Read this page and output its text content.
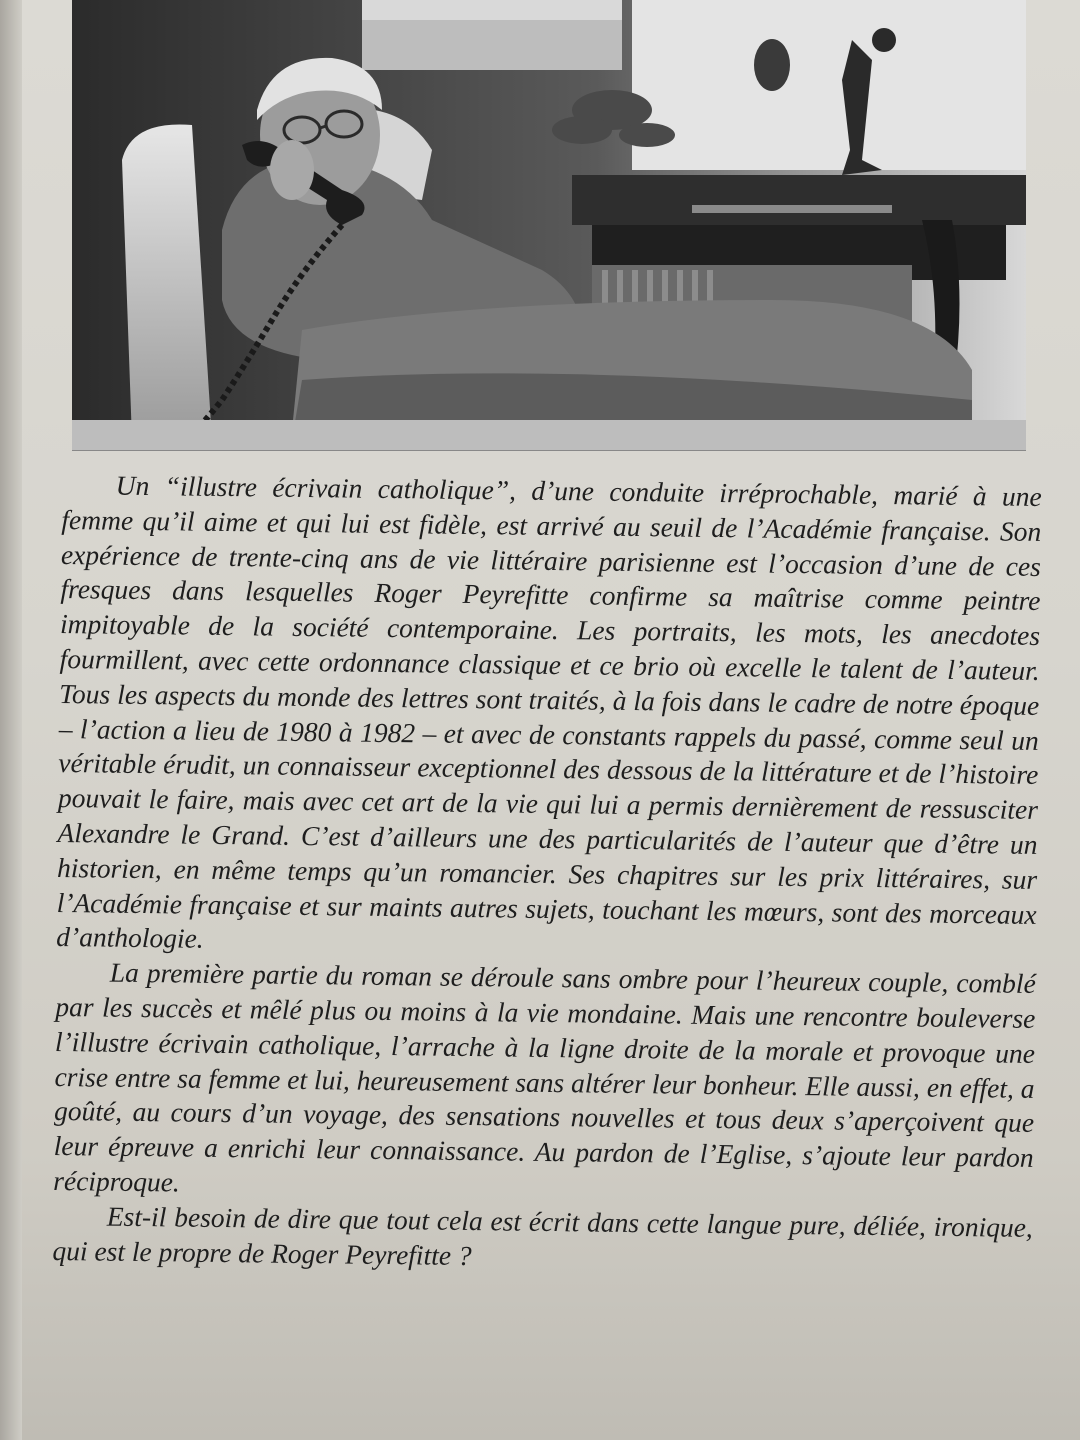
Un “illustre écrivain catholique”, d’une conduite irréprochable, marié à une femme qu’il aime et qui lui est fidèle, est arrivé au seuil de l’Académie française. Son expérience de trente-cinq ans de vie littéraire parisienne est l’occasion d’une de ces fresques dans lesquelles Roger Peyrefitte confirme sa maîtrise comme peintre impitoyable de la société contemporaine. Les portraits, les mots, les anecdotes fourmillent, avec cette ordonnance classique et ce brio où excelle le talent de l’auteur. Tous les aspects du monde des lettres sont traités, à la fois dans le cadre de notre époque – l’action a lieu de 1980 à 1982 – et avec de constants rappels du passé, comme seul un véritable érudit, un connaisseur exceptionnel des dessous de la littérature et de l’histoire pouvait le faire, mais avec cet art de la vie qui lui a permis dernièrement de ressusciter Alexandre le Grand. C’est d’ailleurs une des particularités de l’auteur que d’être un historien, en même temps qu’un romancier. Ses chapitres sur les prix littéraires, sur l’Académie française et sur maints autres sujets, touchant les mœurs, sont des morceaux d’anthologie.

La première partie du roman se déroule sans ombre pour l’heureux couple, comblé par les succès et mêlé plus ou moins à la vie mondaine. Mais une rencontre bouleverse l’illustre écrivain catholique, l’arrache à la ligne droite de la morale et provoque une crise entre sa femme et lui, heureusement sans altérer leur bonheur. Elle aussi, en effet, a goûté, au cours d’un voyage, des sensations nouvelles et tous deux s’aperçoivent que leur épreuve a enrichi leur connaissance. Au pardon de l’Eglise, s’ajoute leur pardon réciproque.

Est-il besoin de dire que tout cela est écrit dans cette langue pure, déliée, ironique, qui est le propre de Roger Peyrefitte ?
